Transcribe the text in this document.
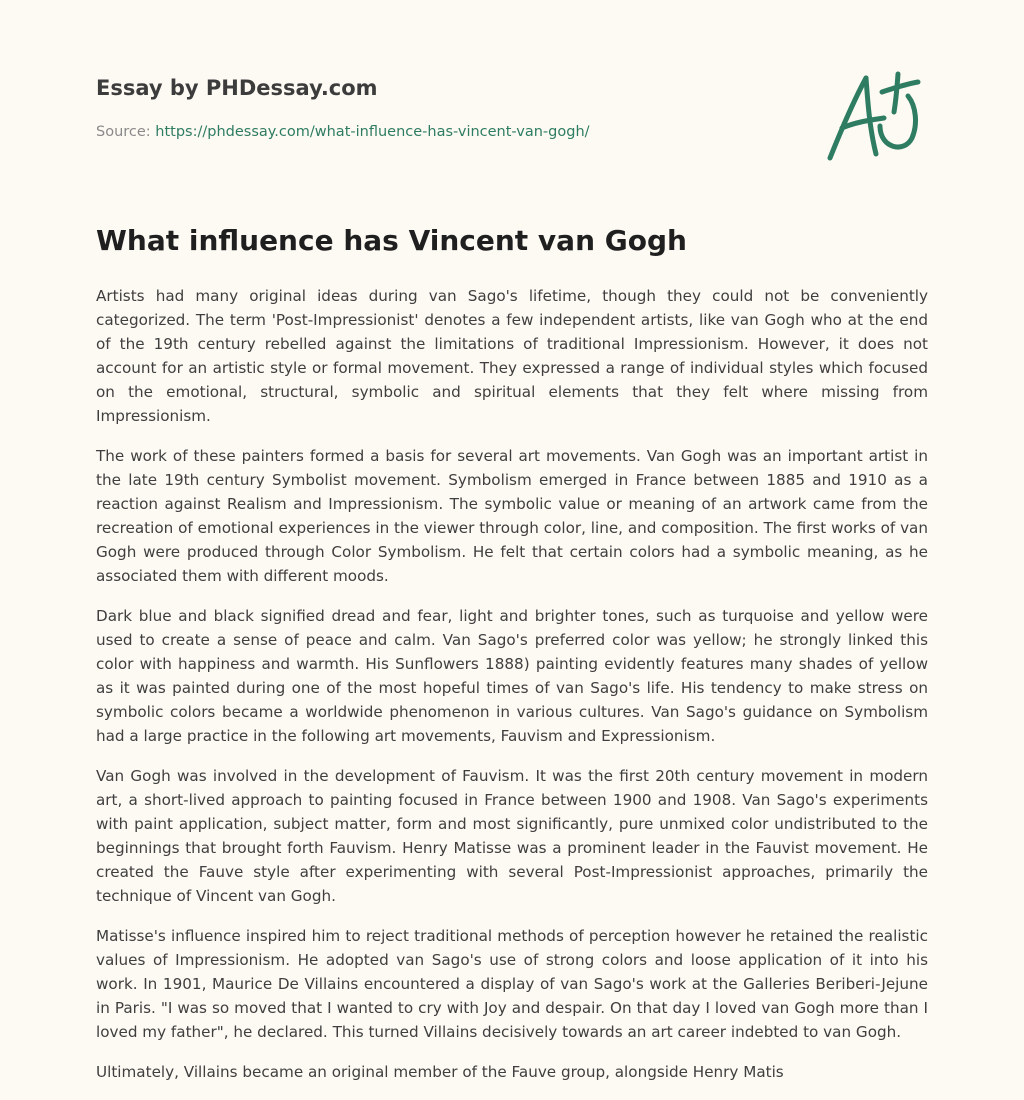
Essay by PHDessay.com
Source: https://phdessay.com/what-influence-has-vincent-van-gogh/
What influence has Vincent van Gogh

Artists had many original ideas during van Sago's lifetime, though they could not be conveniently categorized. The term 'Post-Impressionist' denotes a few independent artists, like van Gogh who at the end of the 19th century rebelled against the limitations of traditional Impressionism. However, it does not account for an artistic style or formal movement. They expressed a range of individual styles which focused on the emotional, structural, symbolic and spiritual elements that they felt where missing from Impressionism.

The work of these painters formed a basis for several art movements. Van Gogh was an important artist in the late 19th century Symbolist movement. Symbolism emerged in France between 1885 and 1910 as a reaction against Realism and Impressionism. The symbolic value or meaning of an artwork came from the recreation of emotional experiences in the viewer through color, line, and composition. The first works of van Gogh were produced through Color Symbolism. He felt that certain colors had a symbolic meaning, as he associated them with different moods.

Dark blue and black signified dread and fear, light and brighter tones, such as turquoise and yellow were used to create a sense of peace and calm. Van Sago's preferred color was yellow; he strongly linked this color with happiness and warmth. His Sunflowers 1888) painting evidently features many shades of yellow as it was painted during one of the most hopeful times of van Sago's life. His tendency to make stress on symbolic colors became a worldwide phenomenon in various cultures. Van Sago's guidance on Symbolism had a large practice in the following art movements, Fauvism and Expressionism.

Van Gogh was involved in the development of Fauvism. It was the first 20th century movement in modern art, a short-lived approach to painting focused in France between 1900 and 1908. Van Sago's experiments with paint application, subject matter, form and most significantly, pure unmixed color undistributed to the beginnings that brought forth Fauvism. Henry Matisse was a prominent leader in the Fauvist movement. He created the Fauve style after experimenting with several Post-Impressionist approaches, primarily the technique of Vincent van Gogh.

Matisse's influence inspired him to reject traditional methods of perception however he retained the realistic values of Impressionism. He adopted van Sago's use of strong colors and loose application of it into his work. In 1901, Maurice De Villains encountered a display of van Sago's work at the Galleries Beriberi-Jejune in Paris. "I was so moved that I wanted to cry with Joy and despair. On that day I loved van Gogh more than I loved my father", he declared. This turned Villains decisively towards an art career indebted to van Gogh.

Ultimately, Villains became an original member of the Fauve group, alongside Henry Matis
